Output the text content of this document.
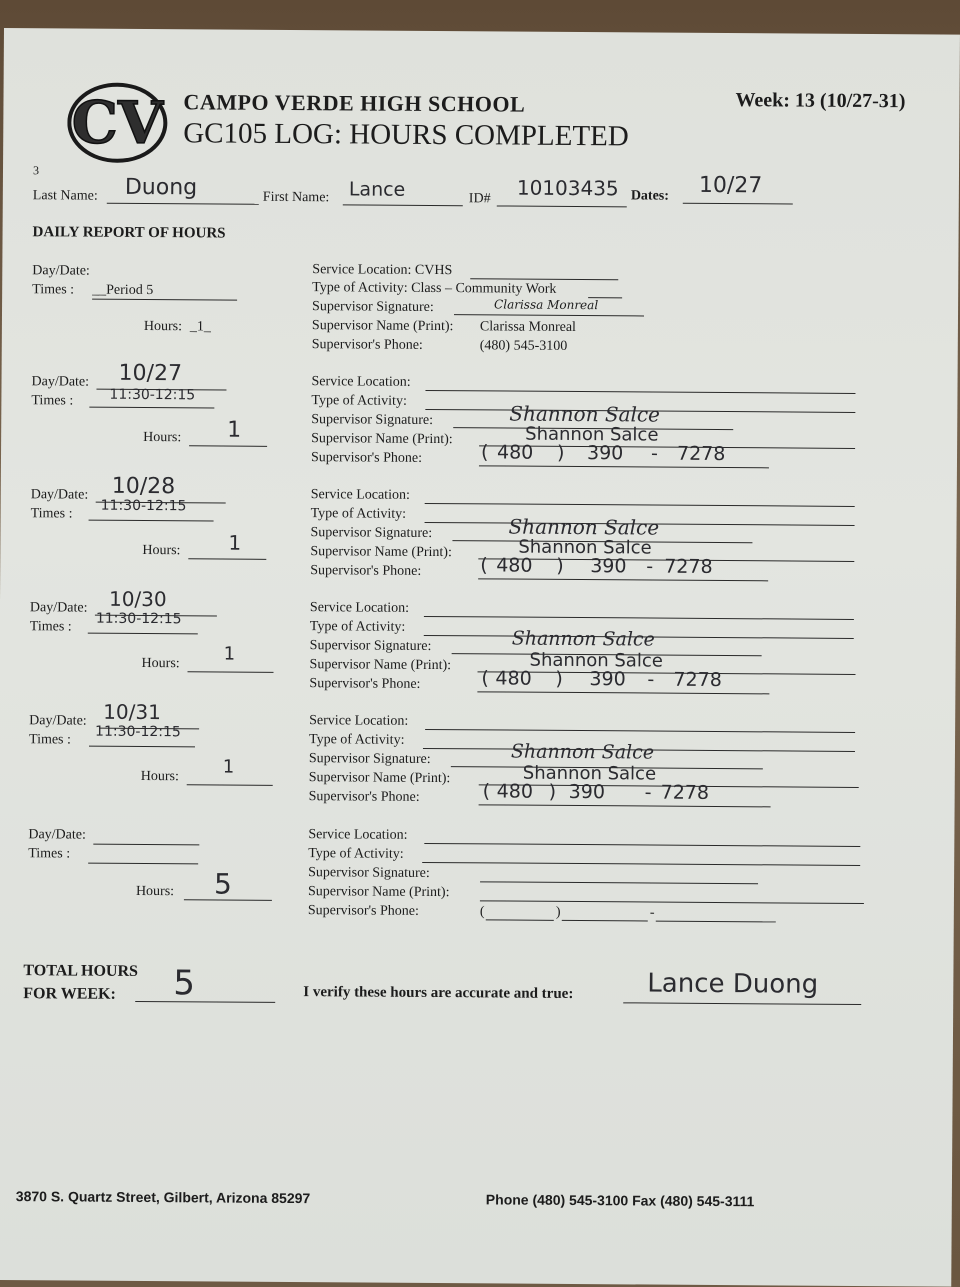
CV CAMPO VERDE HIGH SCHOOL
GC105 LOG: HOURS COMPLETED
Week: 13 (10/27-31)
3
Last Name: Duong	First Name: Lance	ID# 10103435 Dates: 10/27
DAILY REPORT OF HOURS
Day/Date:
Times : __Period 5
Hours: _1_
Service Location: CVHS
Type of Activity: Class – Community Work
Supervisor Signature:	Clarissa Monreal
Supervisor Name (Print): Clarissa Monreal
Supervisor's Phone:	(480) 545-3100
Day/Date: 10/27
Times :	11:30-12:15
Hours: 1
Service Location:
Type of Activity:
Supervisor Signature:	Shannon Salce
Supervisor Name (Print):	Shannon Salce
Supervisor's Phone:	( 480 ) 390 - 7278
Day/Date: 10/28
Times : 11:30-12:15
Hours: 1
Service Location:
Type of Activity:
Supervisor Signature:	Shannon Salce
Supervisor Name (Print):	Shannon Salce
Supervisor's Phone:	( 480 ) 390 - 7278
Day/Date: 10/30
Times : 11:30-12:15
Hours: 1
Service Location:
Type of Activity:
Supervisor Signature:	Shannon Salce
Supervisor Name (Print):	Shannon Salce
Supervisor's Phone:	( 480 ) 390 - 7278
Day/Date: 10/31
Times : 11:30-12:15
Hours: 1
Service Location:
Type of Activity:
Supervisor Signature:	Shannon Salce
Supervisor Name (Print):	Shannon Salce
Supervisor's Phone:	( 480 ) 390 - 7278
Day/Date:
Times :
Hours: 5
Service Location:
Type of Activity:
Supervisor Signature:
Supervisor Name (Print):
Supervisor's Phone:	(	)	-
TOTAL HOURS
FOR WEEK: 5	I verify these hours are accurate and true:	Lance Duong
3870 S. Quartz Street, Gilbert, Arizona 85297	Phone (480) 545-3100 Fax (480) 545-3111
